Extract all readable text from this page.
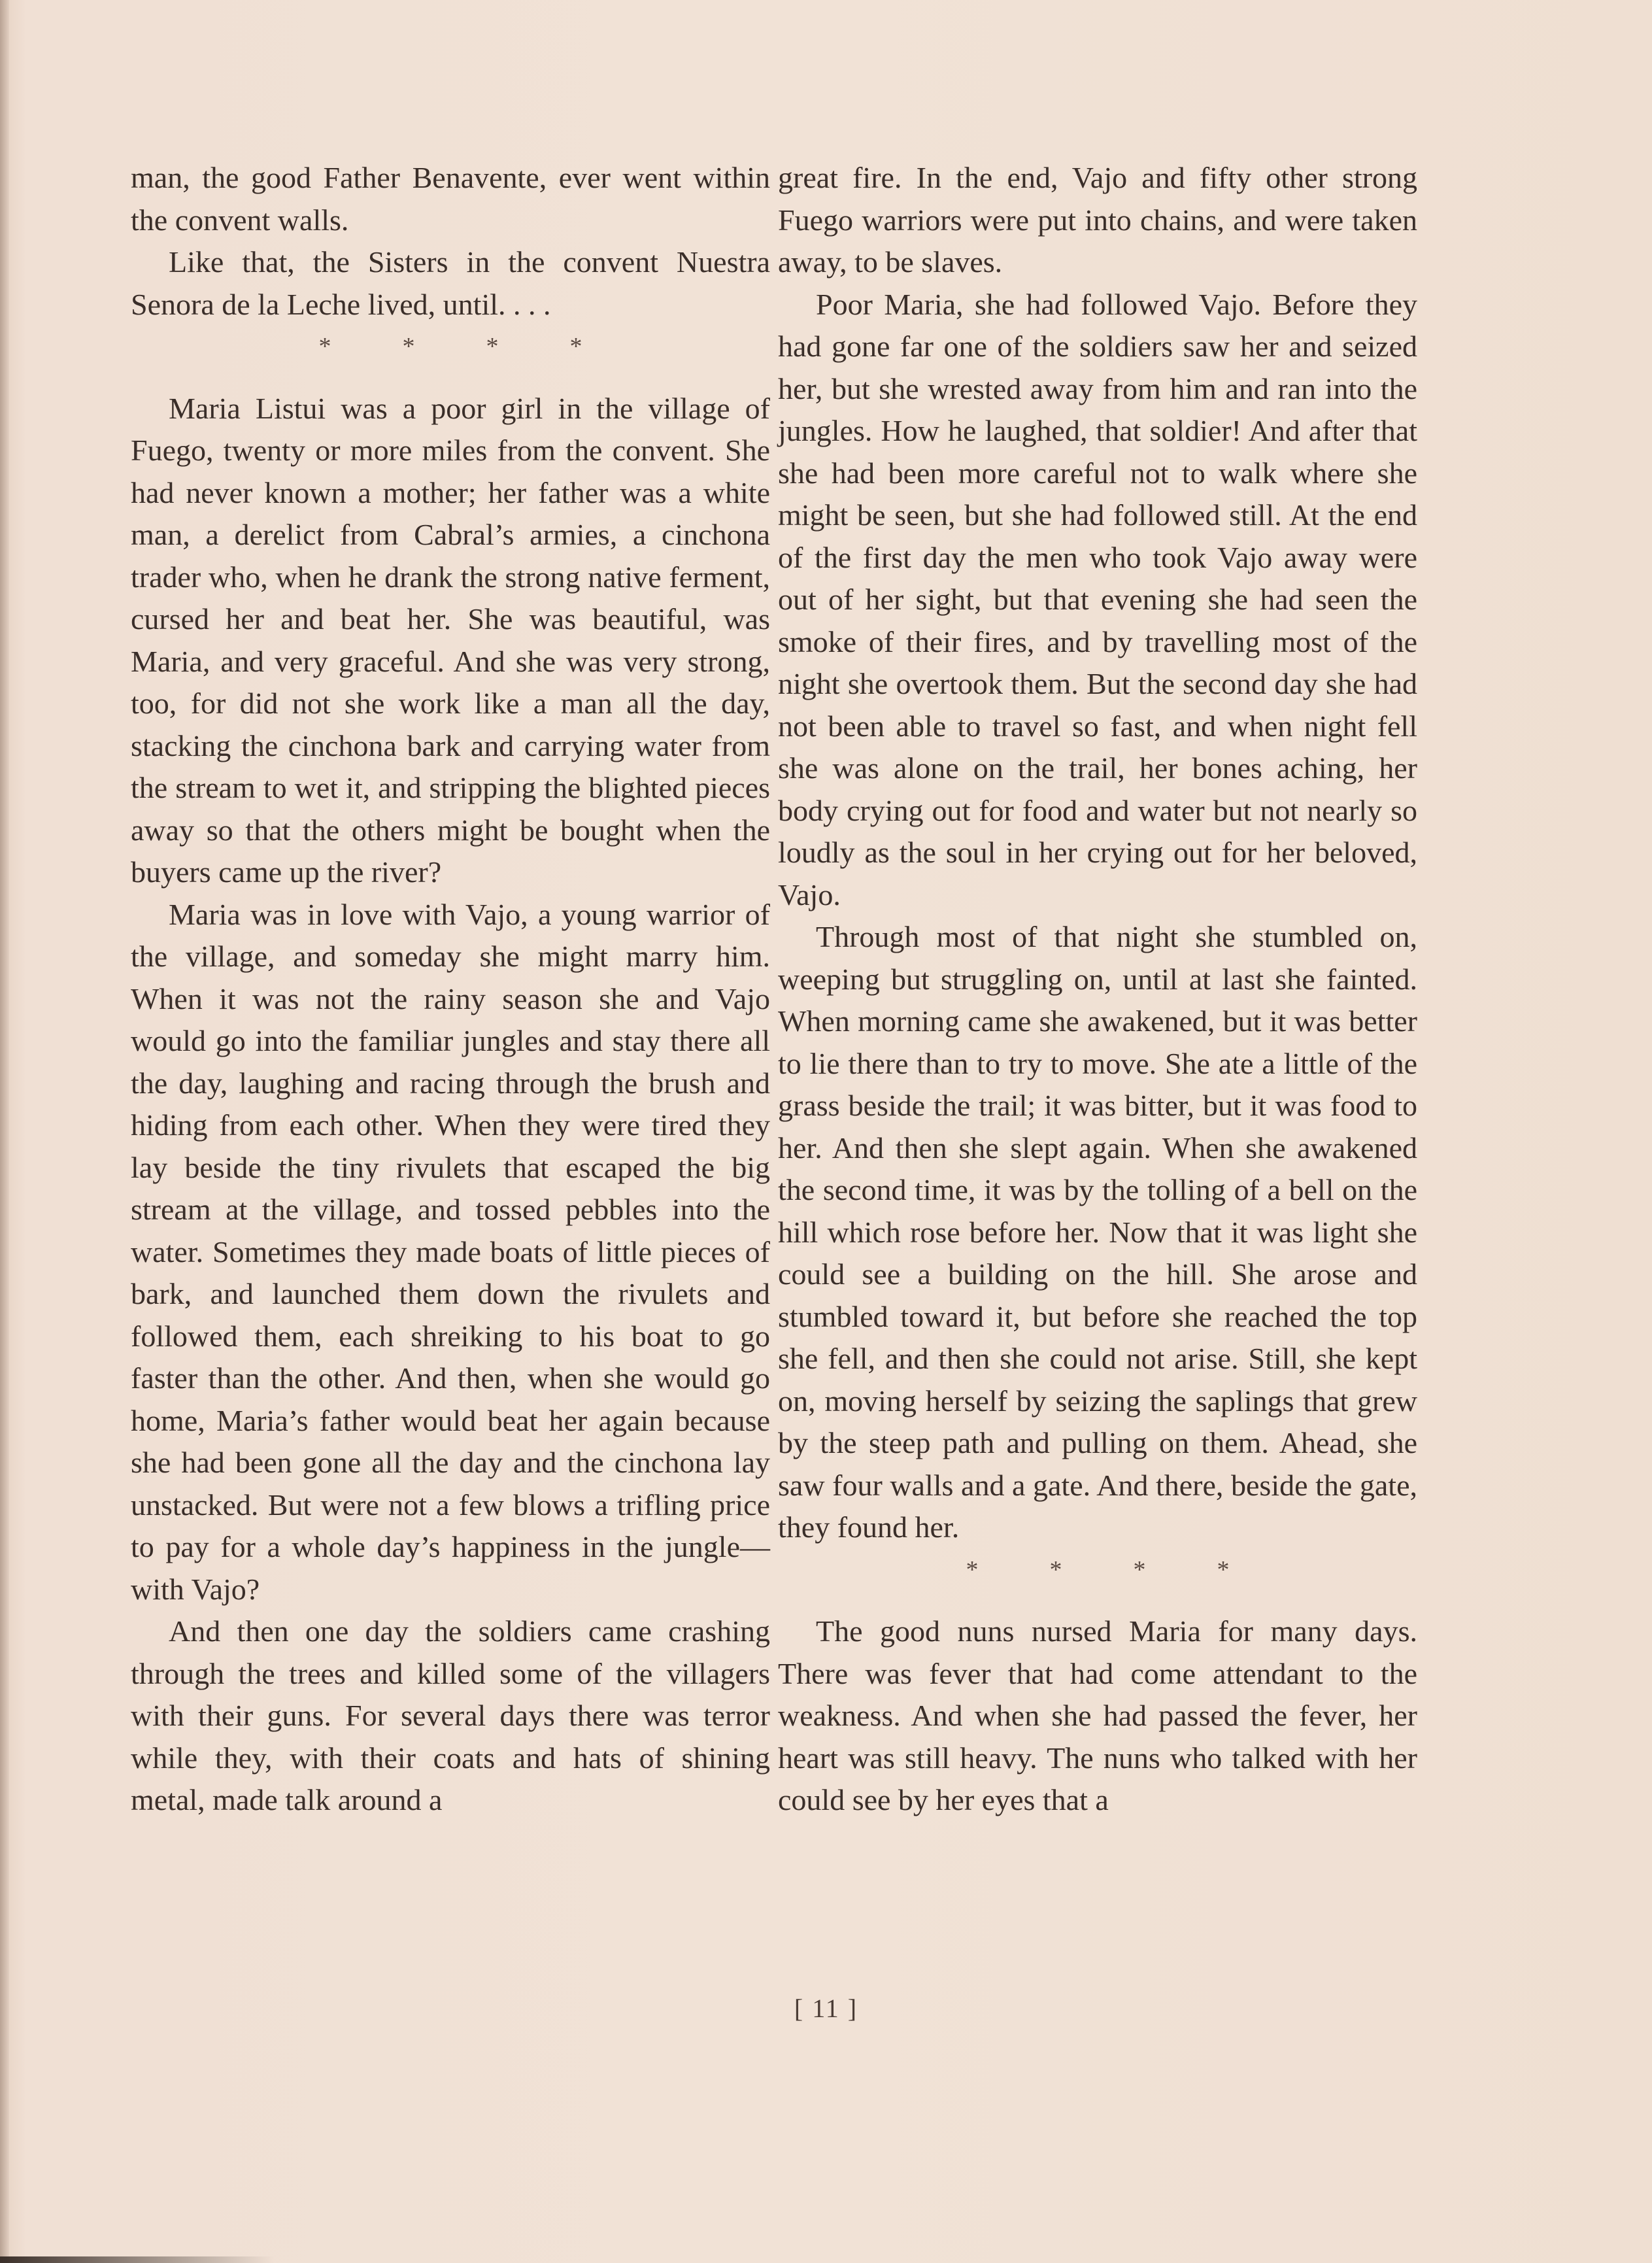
man, the good Father Benavente, ever went within the convent walls.

Like that, the Sisters in the convent Nuestra Senora de la Leche lived, until. . . .

*	*	*	*

Maria Listui was a poor girl in the village of Fuego, twenty or more miles from the convent. She had never known a mother; her father was a white man, a derelict from Cabral’s armies, a cinchona trader who, when he drank the strong native ferment, cursed her and beat her. She was beautiful, was Maria, and very graceful. And she was very strong, too, for did not she work like a man all the day, stacking the cinchona bark and carrying water from the stream to wet it, and stripping the blighted pieces away so that the others might be bought when the buyers came up the river?

Maria was in love with Vajo, a young warrior of the village, and someday she might marry him. When it was not the rainy season she and Vajo would go into the familiar jungles and stay there all the day, laughing and racing through the brush and hiding from each other. When they were tired they lay beside the tiny rivulets that escaped the big stream at the village, and tossed pebbles into the water. Sometimes they made boats of little pieces of bark, and launched them down the rivulets and followed them, each shreiking to his boat to go faster than the other. And then, when she would go home, Maria’s father would beat her again because she had been gone all the day and the cinchona lay unstacked. But were not a few blows a trifling price to pay for a whole day’s happiness in the jungle—with Vajo?

And then one day the soldiers came crashing through the trees and killed some of the villagers with their guns. For several days there was terror while they, with their coats and hats of shining metal, made talk around a

great fire. In the end, Vajo and fifty other strong Fuego warriors were put into chains, and were taken away, to be slaves.

Poor Maria, she had followed Vajo. Before they had gone far one of the soldiers saw her and seized her, but she wrested away from him and ran into the jungles. How he laughed, that soldier! And after that she had been more careful not to walk where she might be seen, but she had followed still. At the end of the first day the men who took Vajo away were out of her sight, but that evening she had seen the smoke of their fires, and by travelling most of the night she overtook them. But the second day she had not been able to travel so fast, and when night fell she was alone on the trail, her bones aching, her body crying out for food and water but not nearly so loudly as the soul in her crying out for her beloved, Vajo.

Through most of that night she stumbled on, weeping but struggling on, until at last she fainted. When morning came she awakened, but it was better to lie there than to try to move. She ate a little of the grass beside the trail; it was bitter, but it was food to her. And then she slept again. When she awakened the second time, it was by the tolling of a bell on the hill which rose before her. Now that it was light she could see a building on the hill. She arose and stumbled toward it, but before she reached the top she fell, and then she could not arise. Still, she kept on, moving herself by seizing the saplings that grew by the steep path and pulling on them. Ahead, she saw four walls and a gate. And there, beside the gate, they found her.

*	*	*	*

The good nuns nursed Maria for many days. There was fever that had come attendant to the weakness. And when she had passed the fever, her heart was still heavy. The nuns who talked with her could see by her eyes that a

[ 11 ]
